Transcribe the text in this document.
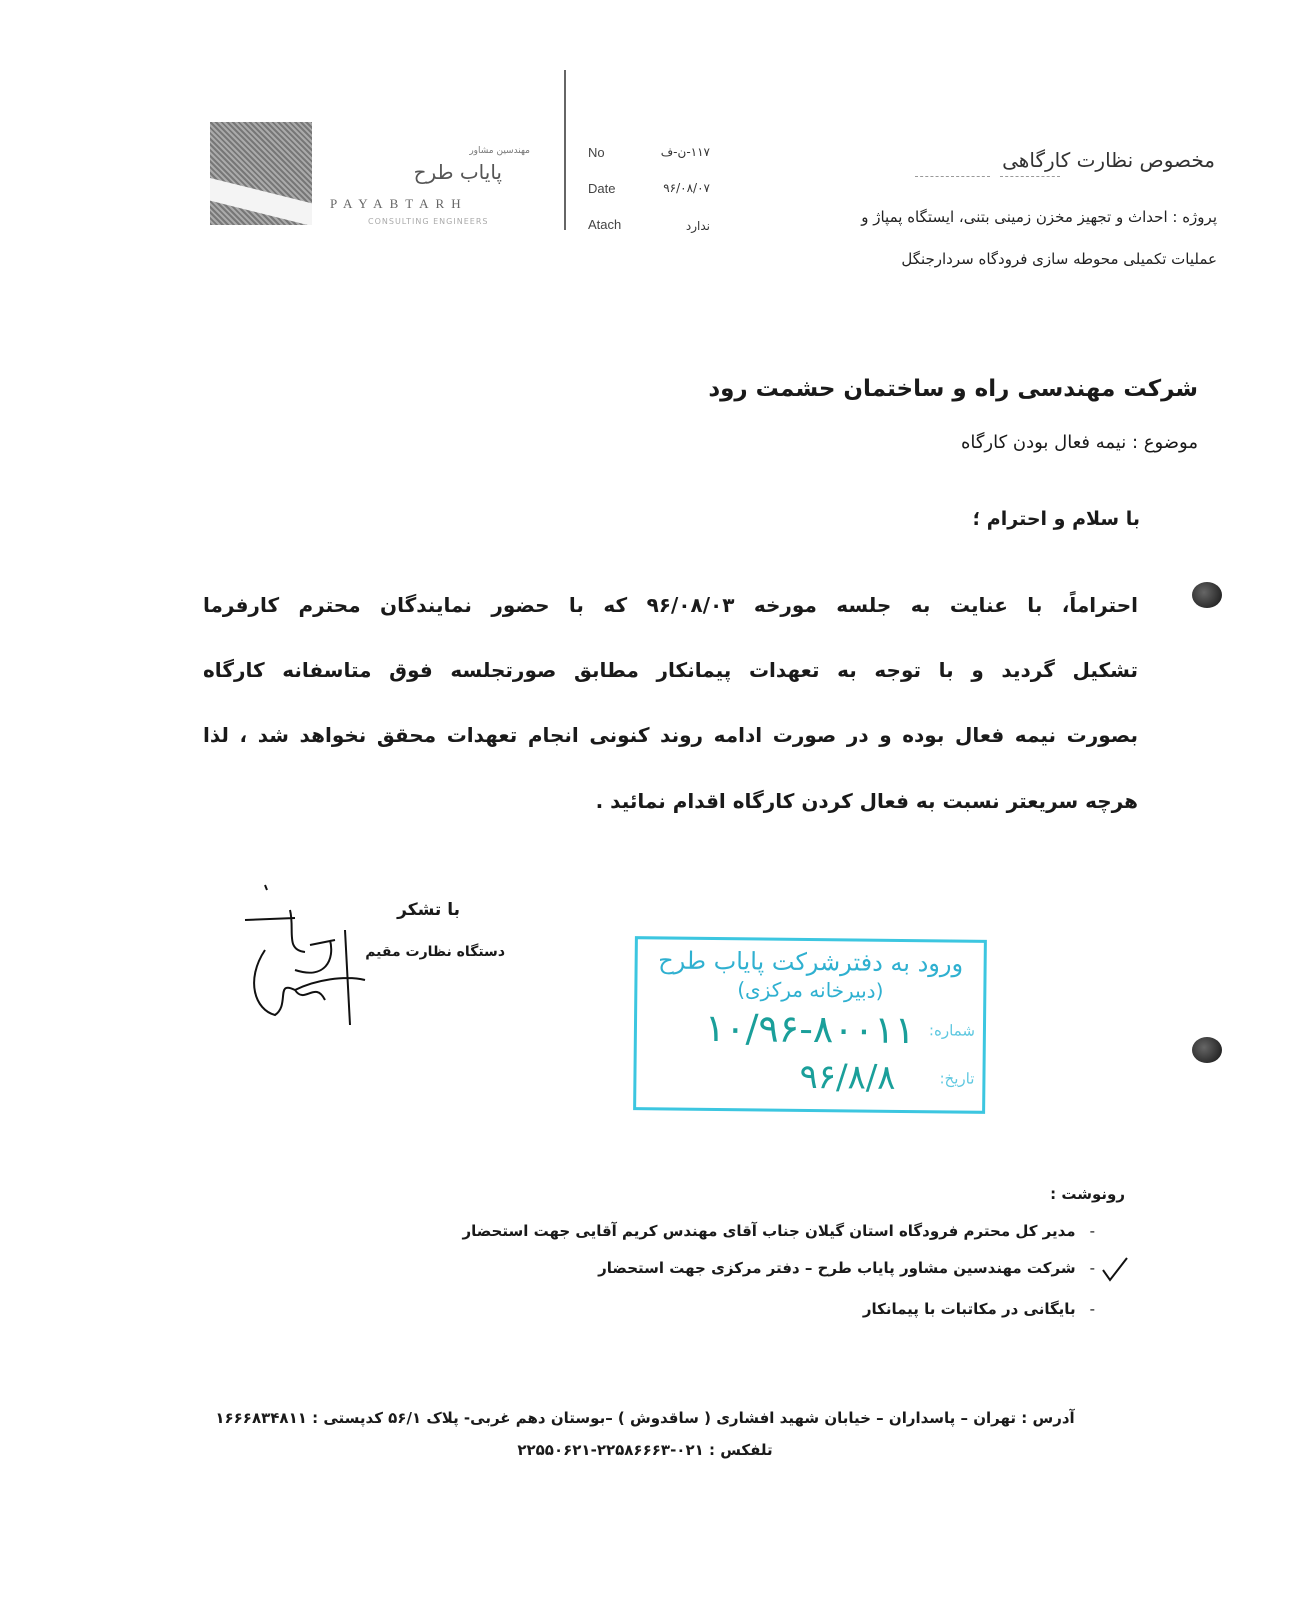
مهندسین مشاور
پایاب طرح
PAYABTARH
CONSULTING ENGINEERS
No	۱۱۷-ن-ف
Date	۹۶/۰۸/۰۷
Atach	ندارد
مخصوص نظارت کارگاهی
پروژه : احداث و تجهیز مخزن زمینی بتنی، ایستگاه پمپاژ و
عملیات تکمیلی محوطه سازی فرودگاه سردارجنگل
شرکت مهندسی راه و ساختمان حشمت رود
موضوع : نیمه فعال بودن کارگاه
با سلام و احترام ؛
احتراماً، با عنایت به جلسه مورخه ۹۶/۰۸/۰۳ که با حضور نمایندگان محترم کارفرما
تشکیل گردید و با توجه به تعهدات پیمانکار مطابق صورتجلسه فوق متاسفانه کارگاه
بصورت نیمه فعال بوده و در صورت ادامه روند کنونی انجام تعهدات محقق نخواهد شد ، لذا
هرچه سریعتر نسبت به فعال کردن کارگاه اقدام نمائید .
با تشکر
دستگاه نظارت مقیم	ورود به دفترشرکت پایاب طرح
(دبیرخانه مرکزی)
شماره:
۱۰/۹۶-۸۰۰۱۱
تاریخ:
۹۶/۸/۸
رونوشت :
-
مدیر کل محترم فرودگاه استان گیلان جناب آقای مهندس کریم آقایی جهت استحضار
-
شرکت مهندسین مشاور پایاب طرح – دفتر مرکزی جهت استحضار
-
بایگانی در مکاتبات با پیمانکار
آدرس : تهران – پاسداران – خیابان شهید افشاری ( ساقدوش ) –بوستان دهم غربی- پلاک ۵۶/۱ کدپستی : ۱۶۶۶۸۳۴۸۱۱
تلفکس : ۰۲۱-۲۲۵۸۶۶۶۳-۲۲۵۵۰۶۲۱
